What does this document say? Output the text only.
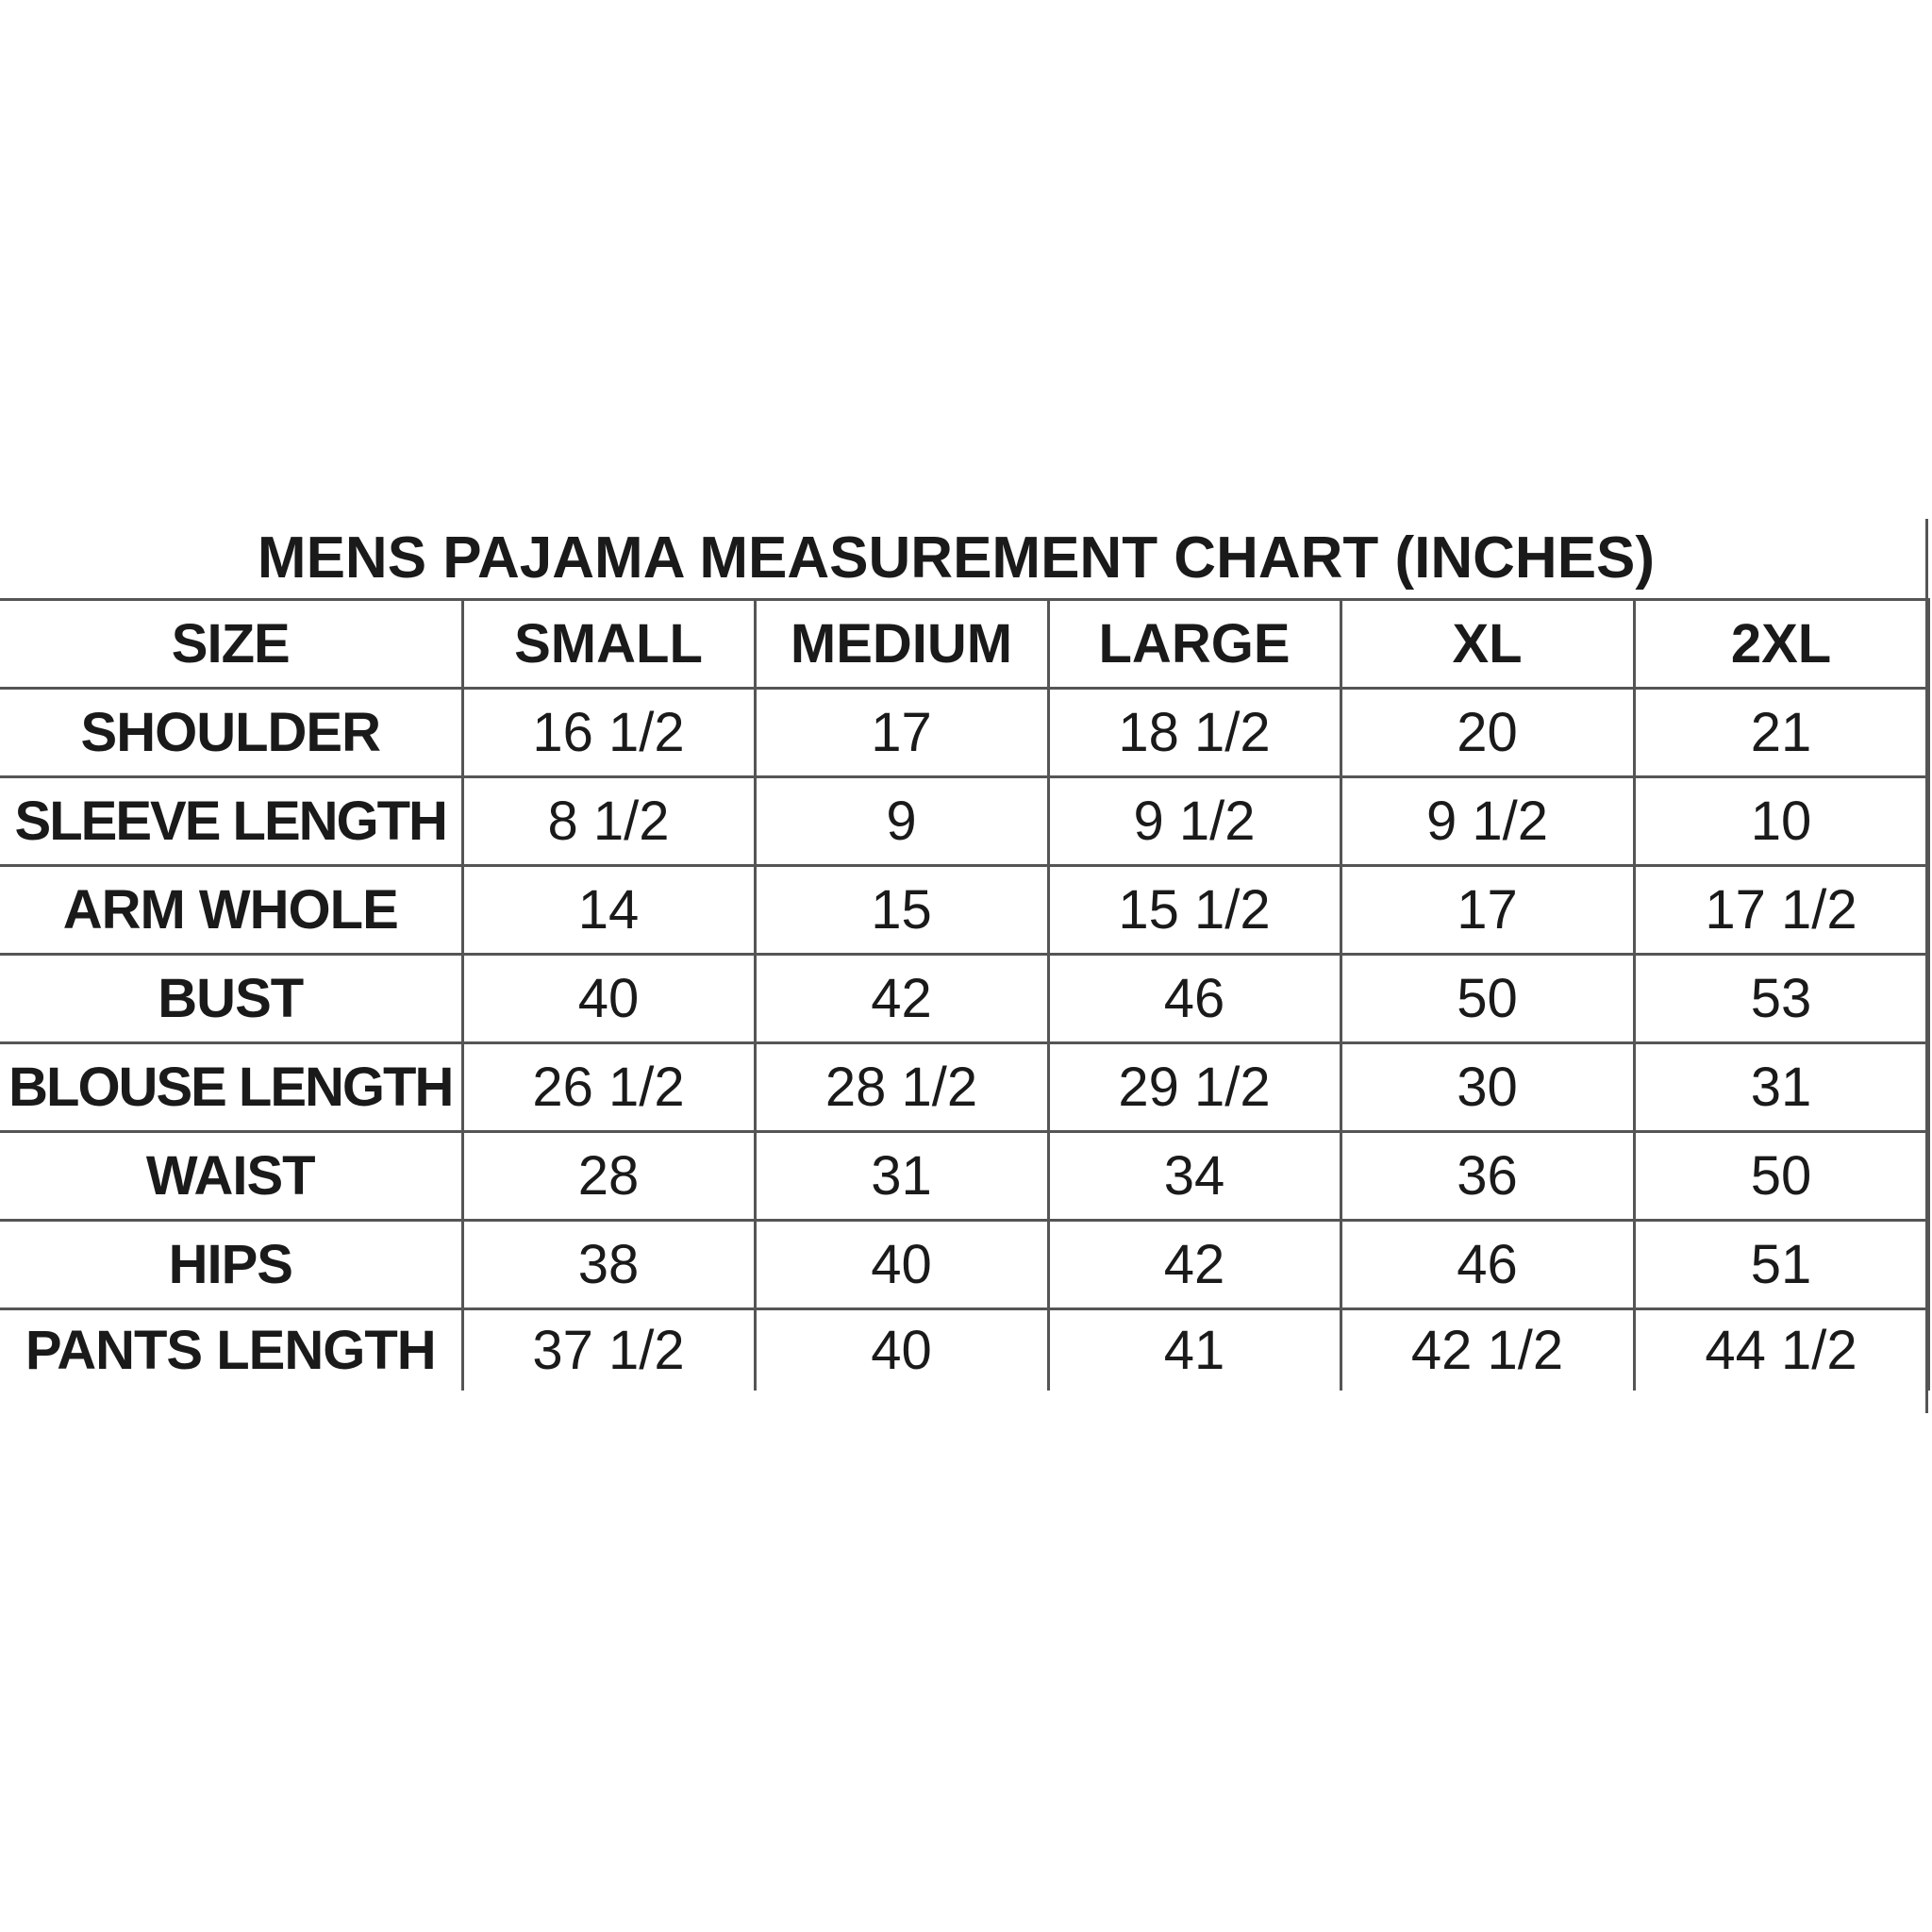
MENS PAJAMA MEASUREMENT CHART (INCHES)
SIZE	SMALL	MEDIUM	LARGE	XL	2XL
SHOULDER	16 1/2	17	18 1/2	20	21
SLEEVE LENGTH	8 1/2	9	9 1/2	9 1/2	10
ARM WHOLE	14	15	15 1/2	17	17 1/2
BUST	40	42	46	50	53
BLOUSE LENGTH	26 1/2	28 1/2	29 1/2	30	31
WAIST	28	31	34	36	50
HIPS	38	40	42	46	51
PANTS LENGTH	37 1/2	40	41	42 1/2	44 1/2
